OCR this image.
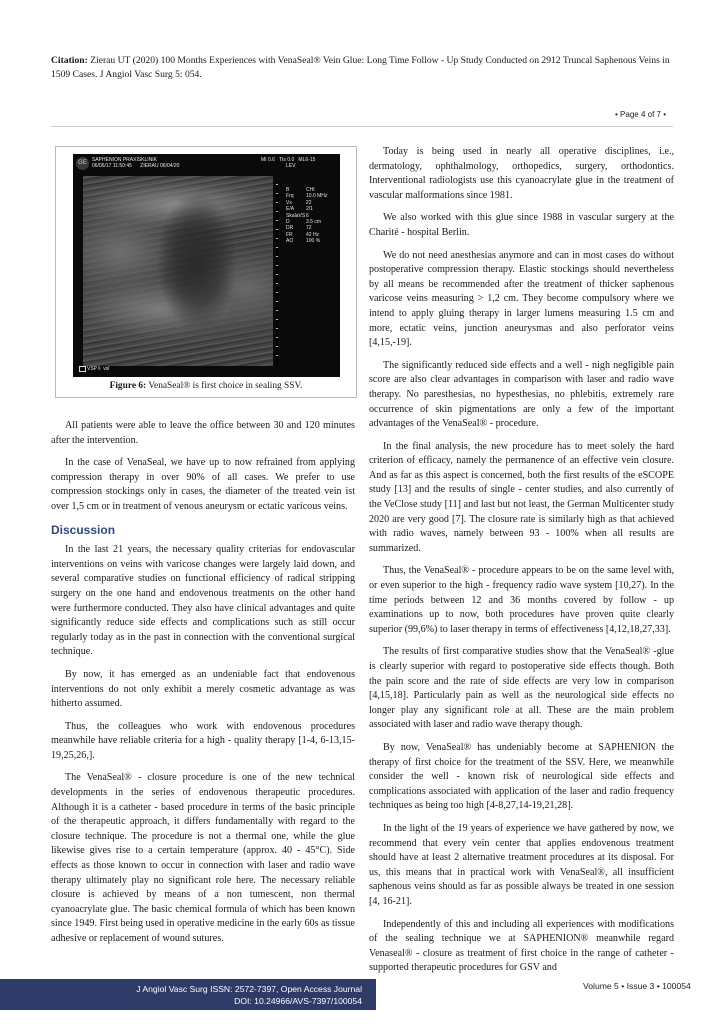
Citation: Zierau UT (2020) 100 Months Experiences with VenaSeal® Vein Glue: Long Time Follow - Up Study Conducted on 2912 Truncal Saphenous Veins in 1509 Cases. J Angiol Vasc Surg 5: 054.
• Page 4 of 7 •
GE	SAPHENION PRAXISKLINIK
06/06/17 11:50:45      ZIERAU 06/04/20
MI 0.6   TIs 0.0   ML6-15
LEV
B	CHI
Frq	10.0 MHz
Vs	22
E/A	2/1
SkalaVS 6
D	3.5 cm
DR	72
FR	42 Hz
AO	100 %
VSP li  vsl
Figure 6: VenaSeal® is first choice in sealing SSV.

All patients were able to leave the office between 30 and 120 minutes after the intervention.

In the case of VenaSeal, we have up to now refrained from applying compression therapy in over 90% of all cases. We prefer to use compression stockings only in cases, the diameter of the treated vein ist over 1,5 cm or in treatment of venous aneurysm or ectatic varicous veins.

Discussion

In the last 21 years, the necessary quality criterias for endovascular interventions on veins with varicose changes were largely laid down, and several comparative studies on functional efficiency of radical stripping surgery on the one hand and endovenous treatments on the other hand were furthermore conducted. They also have clinical advantages and quite significantly reduce side effects and complications such as still occur regularly today as in the past in connection with the conventional surgical technique.

By now, it has emerged as an undeniable fact that endovenous interventions do not only exhibit a merely cosmetic advantage as was hitherto assumed.

Thus, the colleagues who work with endovenous procedures meanwhile have reliable criteria for a high - quality therapy [1-4, 6-13,15-19,25,26,].

The VenaSeal® - closure procedure is one of the new technical developments in the series of endovenous therapeutic procedures. Although it is a catheter - based procedure in terms of the basic principle of the therapeutic approach, it differs fundamentally with regard to the closure technique. The procedure is not a thermal one, while the glue likewise gives rise to a certain temperature (approx. 40 - 45°C). Side effects as those known to occur in connection with laser and radio wave therapy ultimately play no significant role here. The necessary reliable closure is achieved by means of a non tumescent, non thermal cyanoacrylate glue. The basic chemical formula of which has been known since 1949. First being used in operative medicine in the early 60s as tissue adhesive or replacement of wound sutures.

Today is being used in nearly all operative disciplines, i.e., dermatology, ophthalmology, orthopedics, surgery, orthodontics. Interventional radiologists use this cyanoacrylate glue in the treatment of vascular malformations since 1981.

We also worked with this glue since 1988 in vascular surgery at the Charité - hospital Berlin.

We do not need anesthesias anymore and can in most cases do without postoperative compression therapy. Elastic stockings should nevertheless by all means be recommended after the treatment of thicker saphenous varicose veins measuring > 1,2 cm. They become compulsory where we intend to apply gluing therapy in larger lumens measuring 1.5 cm and more, ectatic veins, junction aneurysmas and also perforator veins [4,15,-19].

The significantly reduced side effects and a well - nigh negligible pain score are also clear advantages in comparison with laser and radio wave therapy. No paresthesias, no hypesthesias, no phlebitis, extremely rare occurrence of skin pigmentations are only a few of the important advantages of the VenaSeal® - procedure.

In the final analysis, the new procedure has to meet solely the hard criterion of efficacy, namely the permanence of an effective vein closure. And as far as this aspect is concerned, both the first results of the eSCOPE study [13] and the results of single - center studies, and also currently of the VeClose study [11] and last but not least, the German Multicenter study 2020 are very good [7]. The closure rate is similarly high as that achieved with radio waves, namely between 93 - 100% when all results are summarized.

Thus, the VenaSeal® - procedure appears to be on the same level with, or even superior to the high - frequency radio wave system [10,27). In the time periods between 12 and 36 months covered by follow - up examinations up to now, both procedures have proven quite clearly superior (99,6%) to laser therapy in terms of effectiveness [4,12,18,27,33].

The results of first comparative studies show that the VenaSeal® -glue is clearly superior with regard to postoperative side effects though. Both the pain score and the rate of side effects are very low in comparison [4,15,18]. Particularly pain as well as the neurological side effects no longer play any significant role at all. These are the main problem associated with laser and radio wave therapy though.

By now, VenaSeal® has undeniably become at SAPHENION the therapy of first choice for the treatment of the SSV. Here, we meanwhile consider the well - known risk of neurological side effects and complications associated with application of the laser and radio frequency techniques as being too high [4-8,27,14-19,21,28].

In the light of the 19 years of experience we have gathered by now, we recommend that every vein center that applies endovenous treatment should have at least 2 alternative treatment procedures at its disposal. For us, this means that in practical work with VenaSeal®, all insufficient saphenous veins should as far as possible always be treated in one session [4, 16-21].

Independently of this and including all experiences with modifications of the sealing technique we at SAPHENION® meanwhile regard Venaseal® - closure as treatment of first choice in the range of catheter - supported therapeutic procedures for GSV and

J Angiol Vasc Surg ISSN: 2572-7397, Open Access Journal
DOI: 10.24966/AVS-7397/100054
Volume 5 • Issue 3 • 100054
